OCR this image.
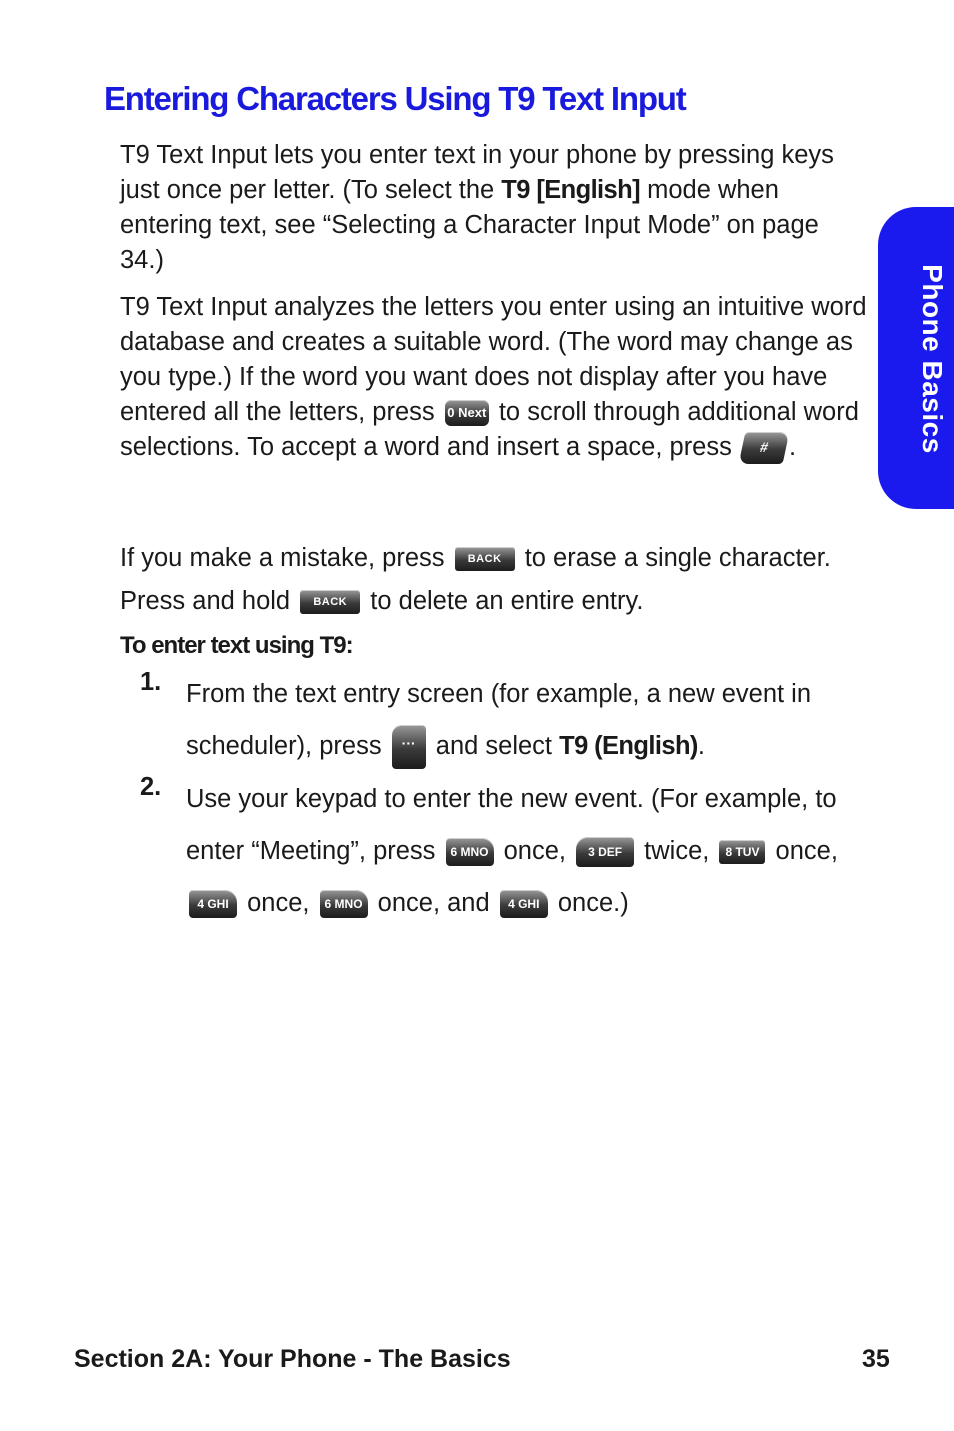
Entering Characters Using T9 Text Input
Phone Basics
T9 Text Input lets you enter text in your phone by pressing keys just once per letter. (To select the T9 [English] mode when entering text, see “Selecting a Character Input Mode” on page 34.)
T9 Text Input analyzes the letters you enter using an intuitive word database and creates a suitable word. (The word may change as you type.) If the word you want does not display after you have entered all the letters, press 0 Next to scroll through additional word selections. To accept a word and insert a space, press	# .
If you make a mistake, press	BACK to erase a single character. Press and hold	BACK to delete an entire entry.
To enter text using T9:
1. From the text entry screen (for example, a new event in scheduler), press ··· and select T9 (English).
2. Use your keypad to enter the new event. (For example, to enter “Meeting”, press 6 MNO once,	3 DEF twice, 8 TUV once,
4 GHI once, 6 MNO once, and 4 GHI once.)
Section 2A: Your Phone - The Basics	35
